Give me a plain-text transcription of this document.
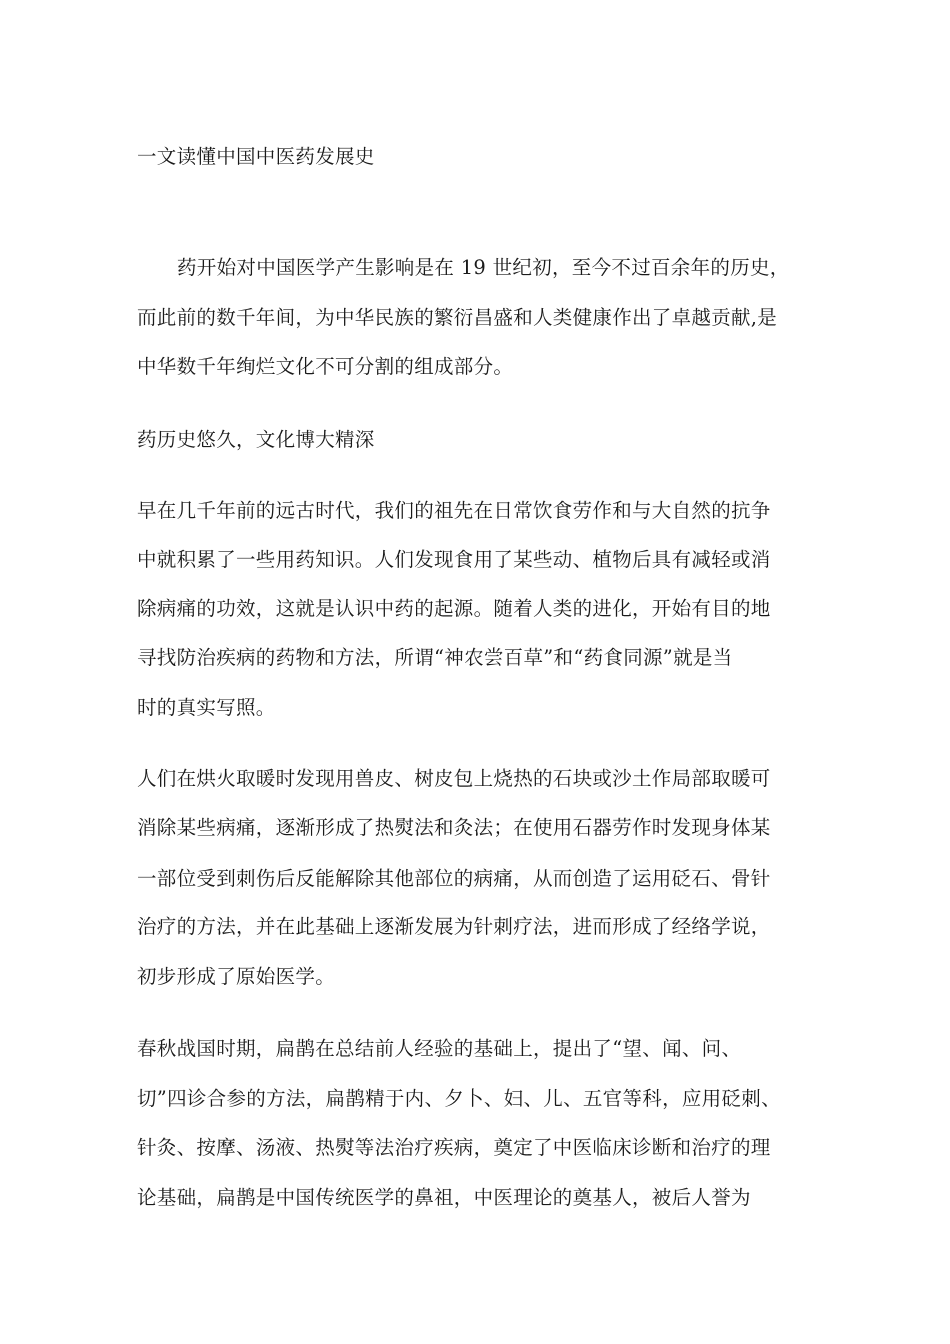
一文读懂中国中医药发展史
药开始对中国医学产生影响是在 19 世纪初，至今不过百余年的历史，
而此前的数千年间，为中华民族的繁衍昌盛和人类健康作出了卓越贡献,是
中华数千年绚烂文化不可分割的组成部分。
药历史悠久，文化博大精深
早在几千年前的远古时代，我们的祖先在日常饮食劳作和与大自然的抗争
中就积累了一些用药知识。人们发现食用了某些动、植物后具有减轻或消
除病痛的功效，这就是认识中药的起源。随着人类的进化，开始有目的地
寻找防治疾病的药物和方法，所谓“神农尝百草”和“药食同源”就是当
时的真实写照。
人们在烘火取暖时发现用兽皮、树皮包上烧热的石块或沙土作局部取暖可
消除某些病痛，逐渐形成了热熨法和灸法；在使用石器劳作时发现身体某
一部位受到刺伤后反能解除其他部位的病痛，从而创造了运用砭石、骨针
治疗的方法，并在此基础上逐渐发展为针刺疗法，进而形成了经络学说，
初步形成了原始医学。
春秋战国时期，扁鹊在总结前人经验的基础上，提出了“望、闻、问、
切”四诊合参的方法，扁鹊精于内、夕卜、妇、儿、五官等科，应用砭刺、
针灸、按摩、汤液、热熨等法治疗疾病，奠定了中医临床诊断和治疗的理
论基础，扁鹊是中国传统医学的鼻祖，中医理论的奠基人，被后人誉为
